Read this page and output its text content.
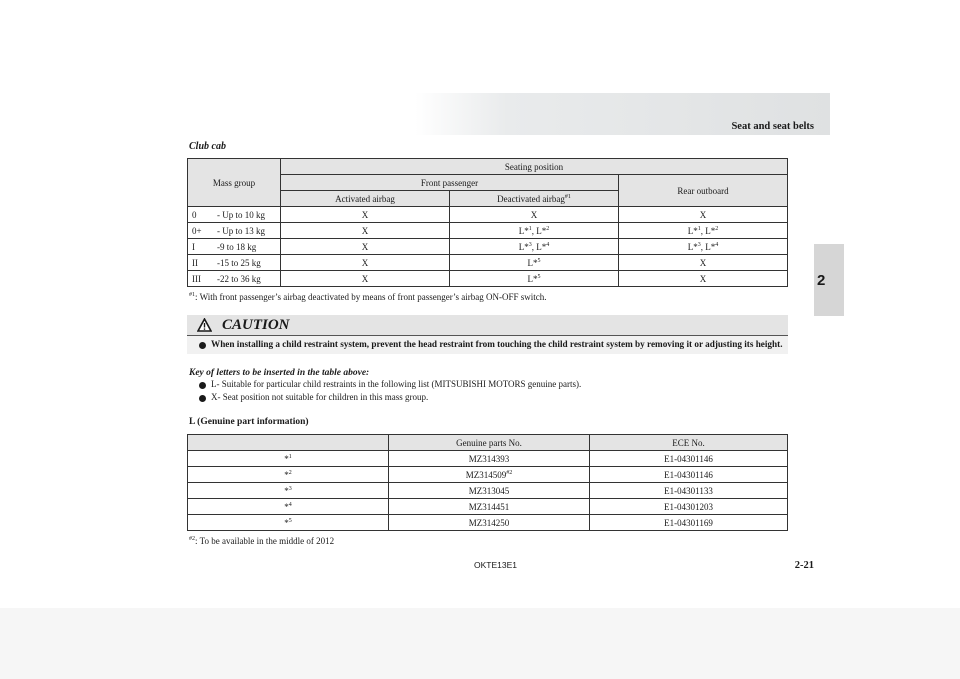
Seat and seat belts
2
Club cab
Mass group	Seating position		
	Front passenger		Rear outboard
	Activated airbag	Deactivated airbag$^{\#1}$
0 - Up to 10 kg	X	X	X
0+ - Up to 13 kg	X	L*$^1$, L*$^2$	L*$^1$, L*$^2$
I -9 to 18 kg	X	L*$^3$, L*$^4$	L*$^3$, L*$^4$
II -15 to 25 kg	X	L*$^5$	X
III -22 to 36 kg	X	L*$^5$	X
$^{\#1}$: With front passenger’s airbag deactivated by means of front passenger’s airbag ON-OFF switch.
CAUTION
When installing a child restraint system, prevent the head restraint from touching the child restraint system by removing it or adjusting its height.
Key of letters to be inserted in the table above:
L- Suitable for particular child restraints in the following list (MITSUBISHI MOTORS genuine parts).
X- Seat position not suitable for children in this mass group.
L (Genuine part information)
	Genuine parts No.	ECE No.
*$^1$	MZ314393	E1-04301146
*$^2$	MZ314509$^{\#2}$	E1-04301146
*$^3$	MZ313045	E1-04301133
*$^4$	MZ314451	E1-04301203
*$^5$	MZ314250	E1-04301169
$^{\#2}$: To be available in the middle of 2012
OKTE13E1	2-21
